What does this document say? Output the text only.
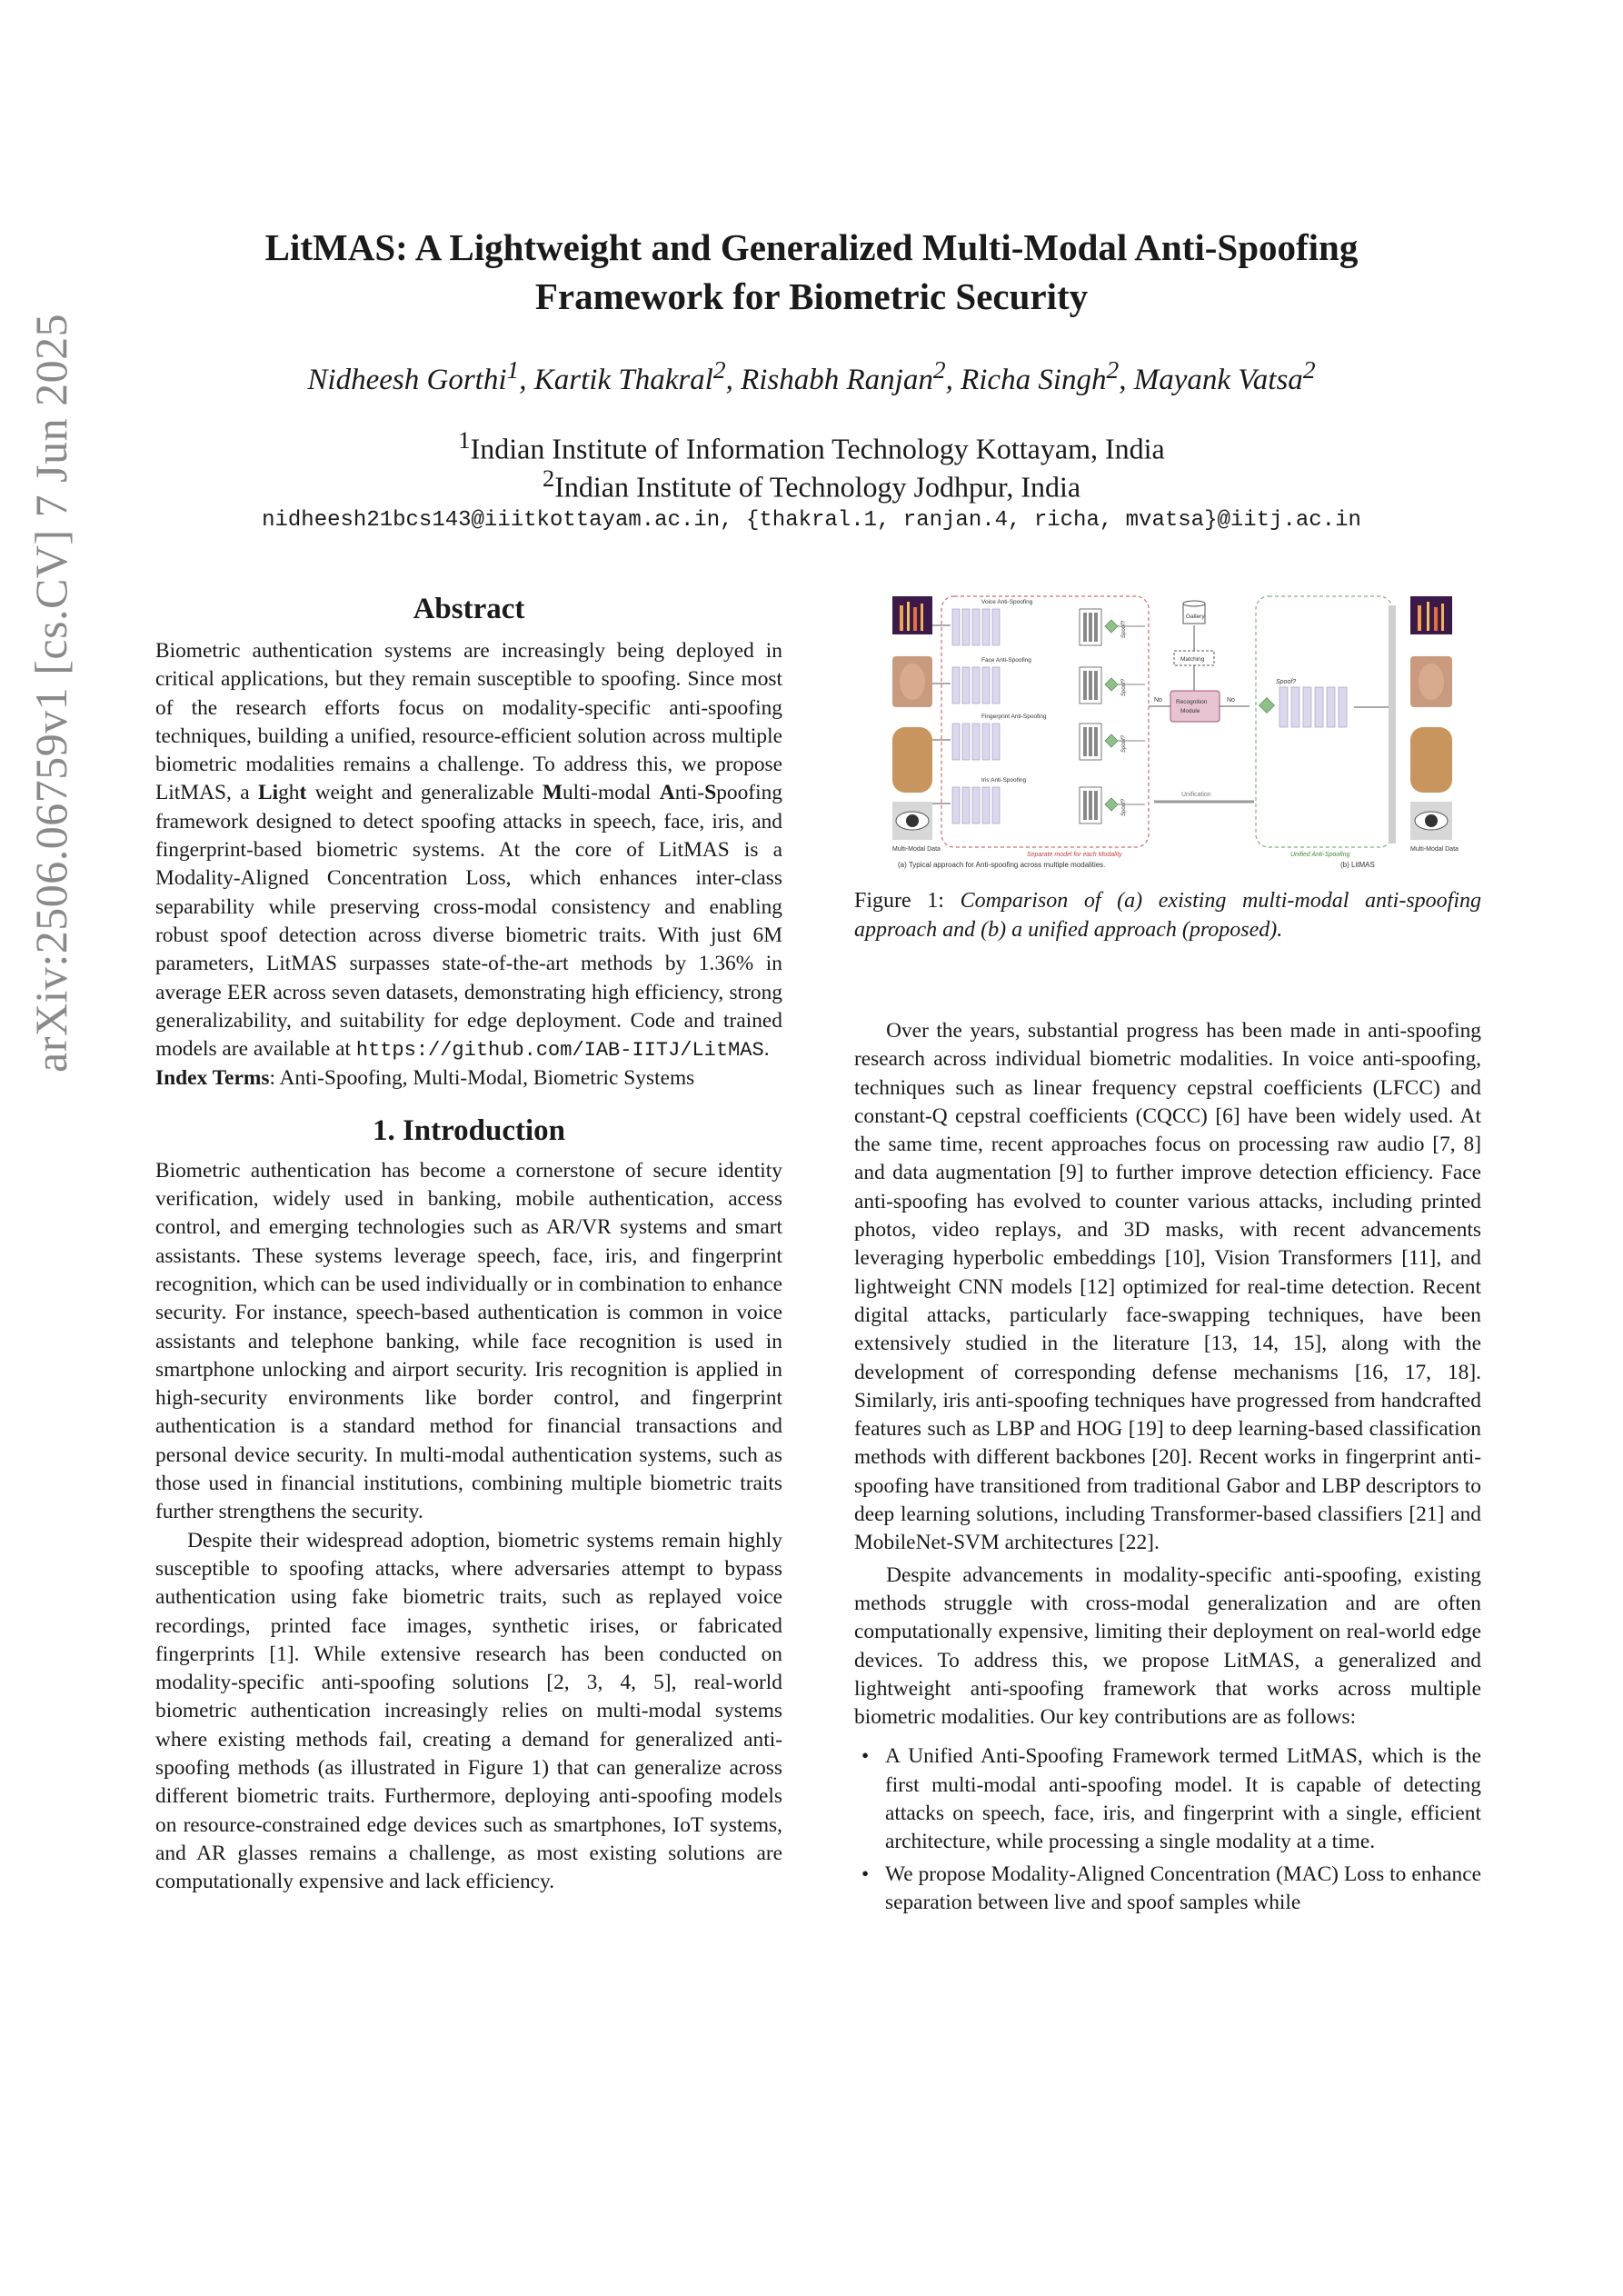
arXiv:2506.06759v1 [cs.CV] 7 Jun 2025
LitMAS: A Lightweight and Generalized Multi-Modal Anti-Spoofing
Framework for Biometric Security
Nidheesh Gorthi$^1$, Kartik Thakral$^2$, Rishabh Ranjan$^2$, Richa Singh$^2$, Mayank Vatsa$^2$
$^1$Indian Institute of Information Technology Kottayam, India
$^2$Indian Institute of Technology Jodhpur, India
nidheesh21bcs143@iiitkottayam.ac.in, {thakral.1, ranjan.4, richa, mvatsa}@iitj.ac.in
Abstract

Biometric authentication systems are increasingly being deployed in critical applications, but they remain susceptible to spoofing. Since most of the research efforts focus on modality-specific anti-spoofing techniques, building a unified, resource-efficient solution across multiple biometric modalities remains a challenge. To address this, we propose LitMAS, a Light weight and generalizable Multi-modal Anti-Spoofing framework designed to detect spoofing attacks in speech, face, iris, and fingerprint-based biometric systems. At the core of LitMAS is a Modality-Aligned Concentration Loss, which enhances inter-class separability while preserving cross-modal consistency and enabling robust spoof detection across diverse biometric traits. With just 6M parameters, LitMAS surpasses state-of-the-art methods by 1.36% in average EER across seven datasets, demonstrating high efficiency, strong generalizability, and suitability for edge deployment. Code and trained models are available at https://github.com/IAB-IITJ/LitMAS.

Index Terms: Anti-Spoofing, Multi-Modal, Biometric Systems

1. Introduction

Biometric authentication has become a cornerstone of secure identity verification, widely used in banking, mobile authentication, access control, and emerging technologies such as AR/VR systems and smart assistants. These systems leverage speech, face, iris, and fingerprint recognition, which can be used individually or in combination to enhance security. For instance, speech-based authentication is common in voice assistants and telephone banking, while face recognition is used in smartphone unlocking and airport security. Iris recognition is applied in high-security environments like border control, and fingerprint authentication is a standard method for financial transactions and personal device security. In multi-modal authentication systems, such as those used in financial institutions, combining multiple biometric traits further strengthens the security.

Despite their widespread adoption, biometric systems remain highly susceptible to spoofing attacks, where adversaries attempt to bypass authentication using fake biometric traits, such as replayed voice recordings, printed face images, synthetic irises, or fabricated fingerprints [1]. While extensive research has been conducted on modality-specific anti-spoofing solutions [2, 3, 4, 5], real-world biometric authentication increasingly relies on multi-modal systems where existing methods fail, creating a demand for generalized anti-spoofing methods (as illustrated in Figure 1) that can generalize across different biometric traits. Furthermore, deploying anti-spoofing models on resource-constrained edge devices such as smartphones, IoT systems, and AR glasses remains a challenge, as most existing solutions are computationally expensive and lack efficiency.

Multi-Modal Data
Separate model for each Modality
Voice Anti-Spoofing
Spoof?
Face Anti-Spoofing
Spoof?
Fingerprint Anti-Spoofing
Spoof?
Iris Anti-Spoofing
Spoof?
Gallery
Matching
Recognition
Module
No	No
Unification
Unified Anti-Spoofing
Spoof?
Multi-Modal Data
(a) Typical approach for Anti-spoofing across multiple modalities.	(b) LitMAS

Figure 1: Comparison of (a) existing multi-modal anti-spoofing approach and (b) a unified approach (proposed).

Over the years, substantial progress has been made in anti-spoofing research across individual biometric modalities. In voice anti-spoofing, techniques such as linear frequency cepstral coefficients (LFCC) and constant-Q cepstral coefficients (CQCC) [6] have been widely used. At the same time, recent approaches focus on processing raw audio [7, 8] and data augmentation [9] to further improve detection efficiency. Face anti-spoofing has evolved to counter various attacks, including printed photos, video replays, and 3D masks, with recent advancements leveraging hyperbolic embeddings [10], Vision Transformers [11], and lightweight CNN models [12] optimized for real-time detection. Recent digital attacks, particularly face-swapping techniques, have been extensively studied in the literature [13, 14, 15], along with the development of corresponding defense mechanisms [16, 17, 18]. Similarly, iris anti-spoofing techniques have progressed from handcrafted features such as LBP and HOG [19] to deep learning-based classification methods with different backbones [20]. Recent works in fingerprint anti-spoofing have transitioned from traditional Gabor and LBP descriptors to deep learning solutions, including Transformer-based classifiers [21] and MobileNet-SVM architectures [22].

Despite advancements in modality-specific anti-spoofing, existing methods struggle with cross-modal generalization and are often computationally expensive, limiting their deployment on real-world edge devices. To address this, we propose LitMAS, a generalized and lightweight anti-spoofing framework that works across multiple biometric modalities. Our key contributions are as follows:

• A Unified Anti-Spoofing Framework termed LitMAS, which is the first multi-modal anti-spoofing model. It is capable of detecting attacks on speech, face, iris, and fingerprint with a single, efficient architecture, while processing a single modality at a time.
• We propose Modality-Aligned Concentration (MAC) Loss to enhance separation between live and spoof samples while
